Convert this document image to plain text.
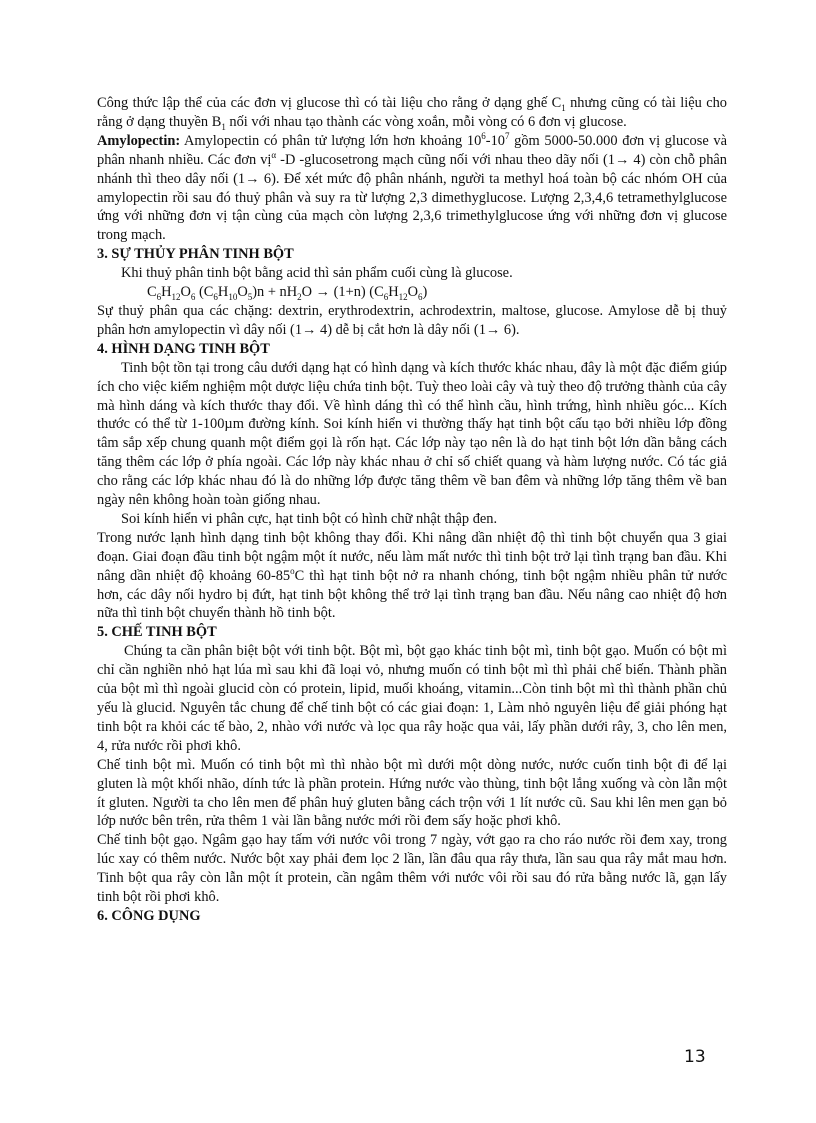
Công thức lập thể của các đơn vị glucose thì có tài liệu cho rằng ở dạng ghế $C_1$ nhưng cũng có tài liệu cho rằng ở dạng thuyền $B_1$ nối với nhau tạo thành các vòng xoắn, mỗi vòng có 6 đơn vị glucose.

Amylopectin: Amylopectin có phân tử lượng lớn hơn khoảng $10^6-10^7$ gồm 5000-50.000 đơn vị glucose và phân nhanh nhiều. Các đơn vị$^\alpha$ -D -glucosetrong mạch cũng nối với nhau theo dãy nối (1→ 4) còn chỗ phân nhánh thì theo dây nối (1→ 6). Để xét mức độ phân nhánh, người ta methyl hoá toàn bộ các nhóm OH của amylopectin rồi sau đó thuỷ phân và suy ra từ lượng 2,3 dimethyglucose. Lượng 2,3,4,6 tetramethylglucose ứng với những đơn vị tận cùng của mạch còn lượng 2,3,6 trimethylglucose ứng với những đơn vị glucose trong mạch.

3. SỰ THỦY PHÂN TINH BỘT

Khi thuỷ phân tinh bột bằng acid thì sản phẩm cuối cùng là glucose.

$C_6H_{12}O_6$ $(C_6H_{10}O_5)n + nH_2O \to (1+n)$ $(C_6H_{12}O_6)$

Sự thuỷ phân qua các chặng: dextrin, erythrodextrin, achrodextrin, maltose, glucose. Amylose dễ bị thuỷ phân hơn amylopectin vì dây nối (1→ 4) dễ bị cắt hơn là dây nối (1→ 6).

4. HÌNH DẠNG TINH BỘT

Tinh bột tồn tại trong câu dưới dạng hạt có hình dạng và kích thước khác nhau, đây là một đặc điểm giúp ích cho việc kiểm nghiệm một dược liệu chứa tinh bột. Tuỳ theo loài cây và tuỳ theo độ trưởng thành của cây mà hình dáng và kích thước thay đổi. Về hình dáng thì có thể hình cầu, hình trứng, hình nhiều góc... Kích thước có thể từ 1-100µm đường kính. Soi kính hiển vi thường thấy hạt tinh bột cấu tạo bởi nhiều lớp đồng tâm sắp xếp chung quanh một điểm gọi là rốn hạt. Các lớp này tạo nên là do hạt tinh bột lớn dần bằng cách tăng thêm các lớp ở phía ngoài. Các lớp này khác nhau ở chỉ số chiết quang và hàm lượng nước. Có tác giả cho rằng các lớp khác nhau đó là do những lớp được tăng thêm về ban đêm và những lớp tăng thêm về ban ngày nên không hoàn toàn giống nhau.

Soi kính hiển vi phân cực, hạt tinh bột có hình chữ nhật thập đen.

Trong nước lạnh hình dạng tinh bột không thay đổi. Khi nâng dần nhiệt độ thì tinh bột chuyển qua 3 giai đoạn. Giai đoạn đầu tinh bột ngậm một ít nước, nếu làm mất nước thì tinh bột trở lại tình trạng ban đầu. Khi nâng dần nhiệt độ khoảng 60-85$^o$C thì hạt tinh bột nở ra nhanh chóng, tinh bột ngậm nhiều phân tử nước hơn, các dây nối hydro bị đứt, hạt tinh bột không thể trở lại tình trạng ban đầu. Nếu nâng cao nhiệt độ hơn nữa thì tinh bột chuyển thành hồ tinh bột.

5. CHẾ TINH BỘT

Chúng ta cần phân biệt bột với tinh bột. Bột mì, bột gạo khác tinh bột mì, tinh bột gạo. Muốn có bột mì chỉ cần nghiền nhỏ hạt lúa mì sau khi đã loại vỏ, nhưng muốn có tinh bột mì thì phải chế biến. Thành phần của bột mì thì ngoài glucid còn có protein, lipid, muối khoáng, vitamin...Còn tinh bột mì thì thành phần chủ yếu là glucid. Nguyên tắc chung để chế tinh bột có các giai đoạn: 1, Làm nhỏ nguyên liệu để giải phóng hạt tinh bột ra khỏi các tế bào, 2, nhào với nước và lọc qua rây hoặc qua vải, lấy phần dưới rây, 3, cho lên men, 4, rửa nước rồi phơi khô.

Chế tinh bột mì. Muốn có tinh bột mì thì nhào bột mì dưới một dòng nước, nước cuốn tinh bột đi để lại gluten là một khối nhão, dính tức là phần protein. Hứng nước vào thùng, tinh bột lắng xuống và còn lẫn một ít gluten. Người ta cho lên men để phân huỷ gluten bằng cách trộn với 1 lít nước cũ. Sau khi lên men gạn bỏ lớp nước bên trên, rửa thêm 1 vài lần bằng nước mới rồi đem sấy hoặc phơi khô.

Chế tinh bột gạo. Ngâm gạo hay tấm với nước vôi trong 7 ngày, vớt gạo ra cho ráo nước rồi đem xay, trong lúc xay có thêm nước. Nước bột xay phải đem lọc 2 lần, lần đâu qua rây thưa, lần sau qua rây mắt mau hơn. Tinh bột qua rây còn lẫn một ít protein, cần ngâm thêm với nước vôi rồi sau đó rửa bằng nước lã, gạn lấy tinh bột rồi phơi khô.

6. CÔNG DỤNG

13
